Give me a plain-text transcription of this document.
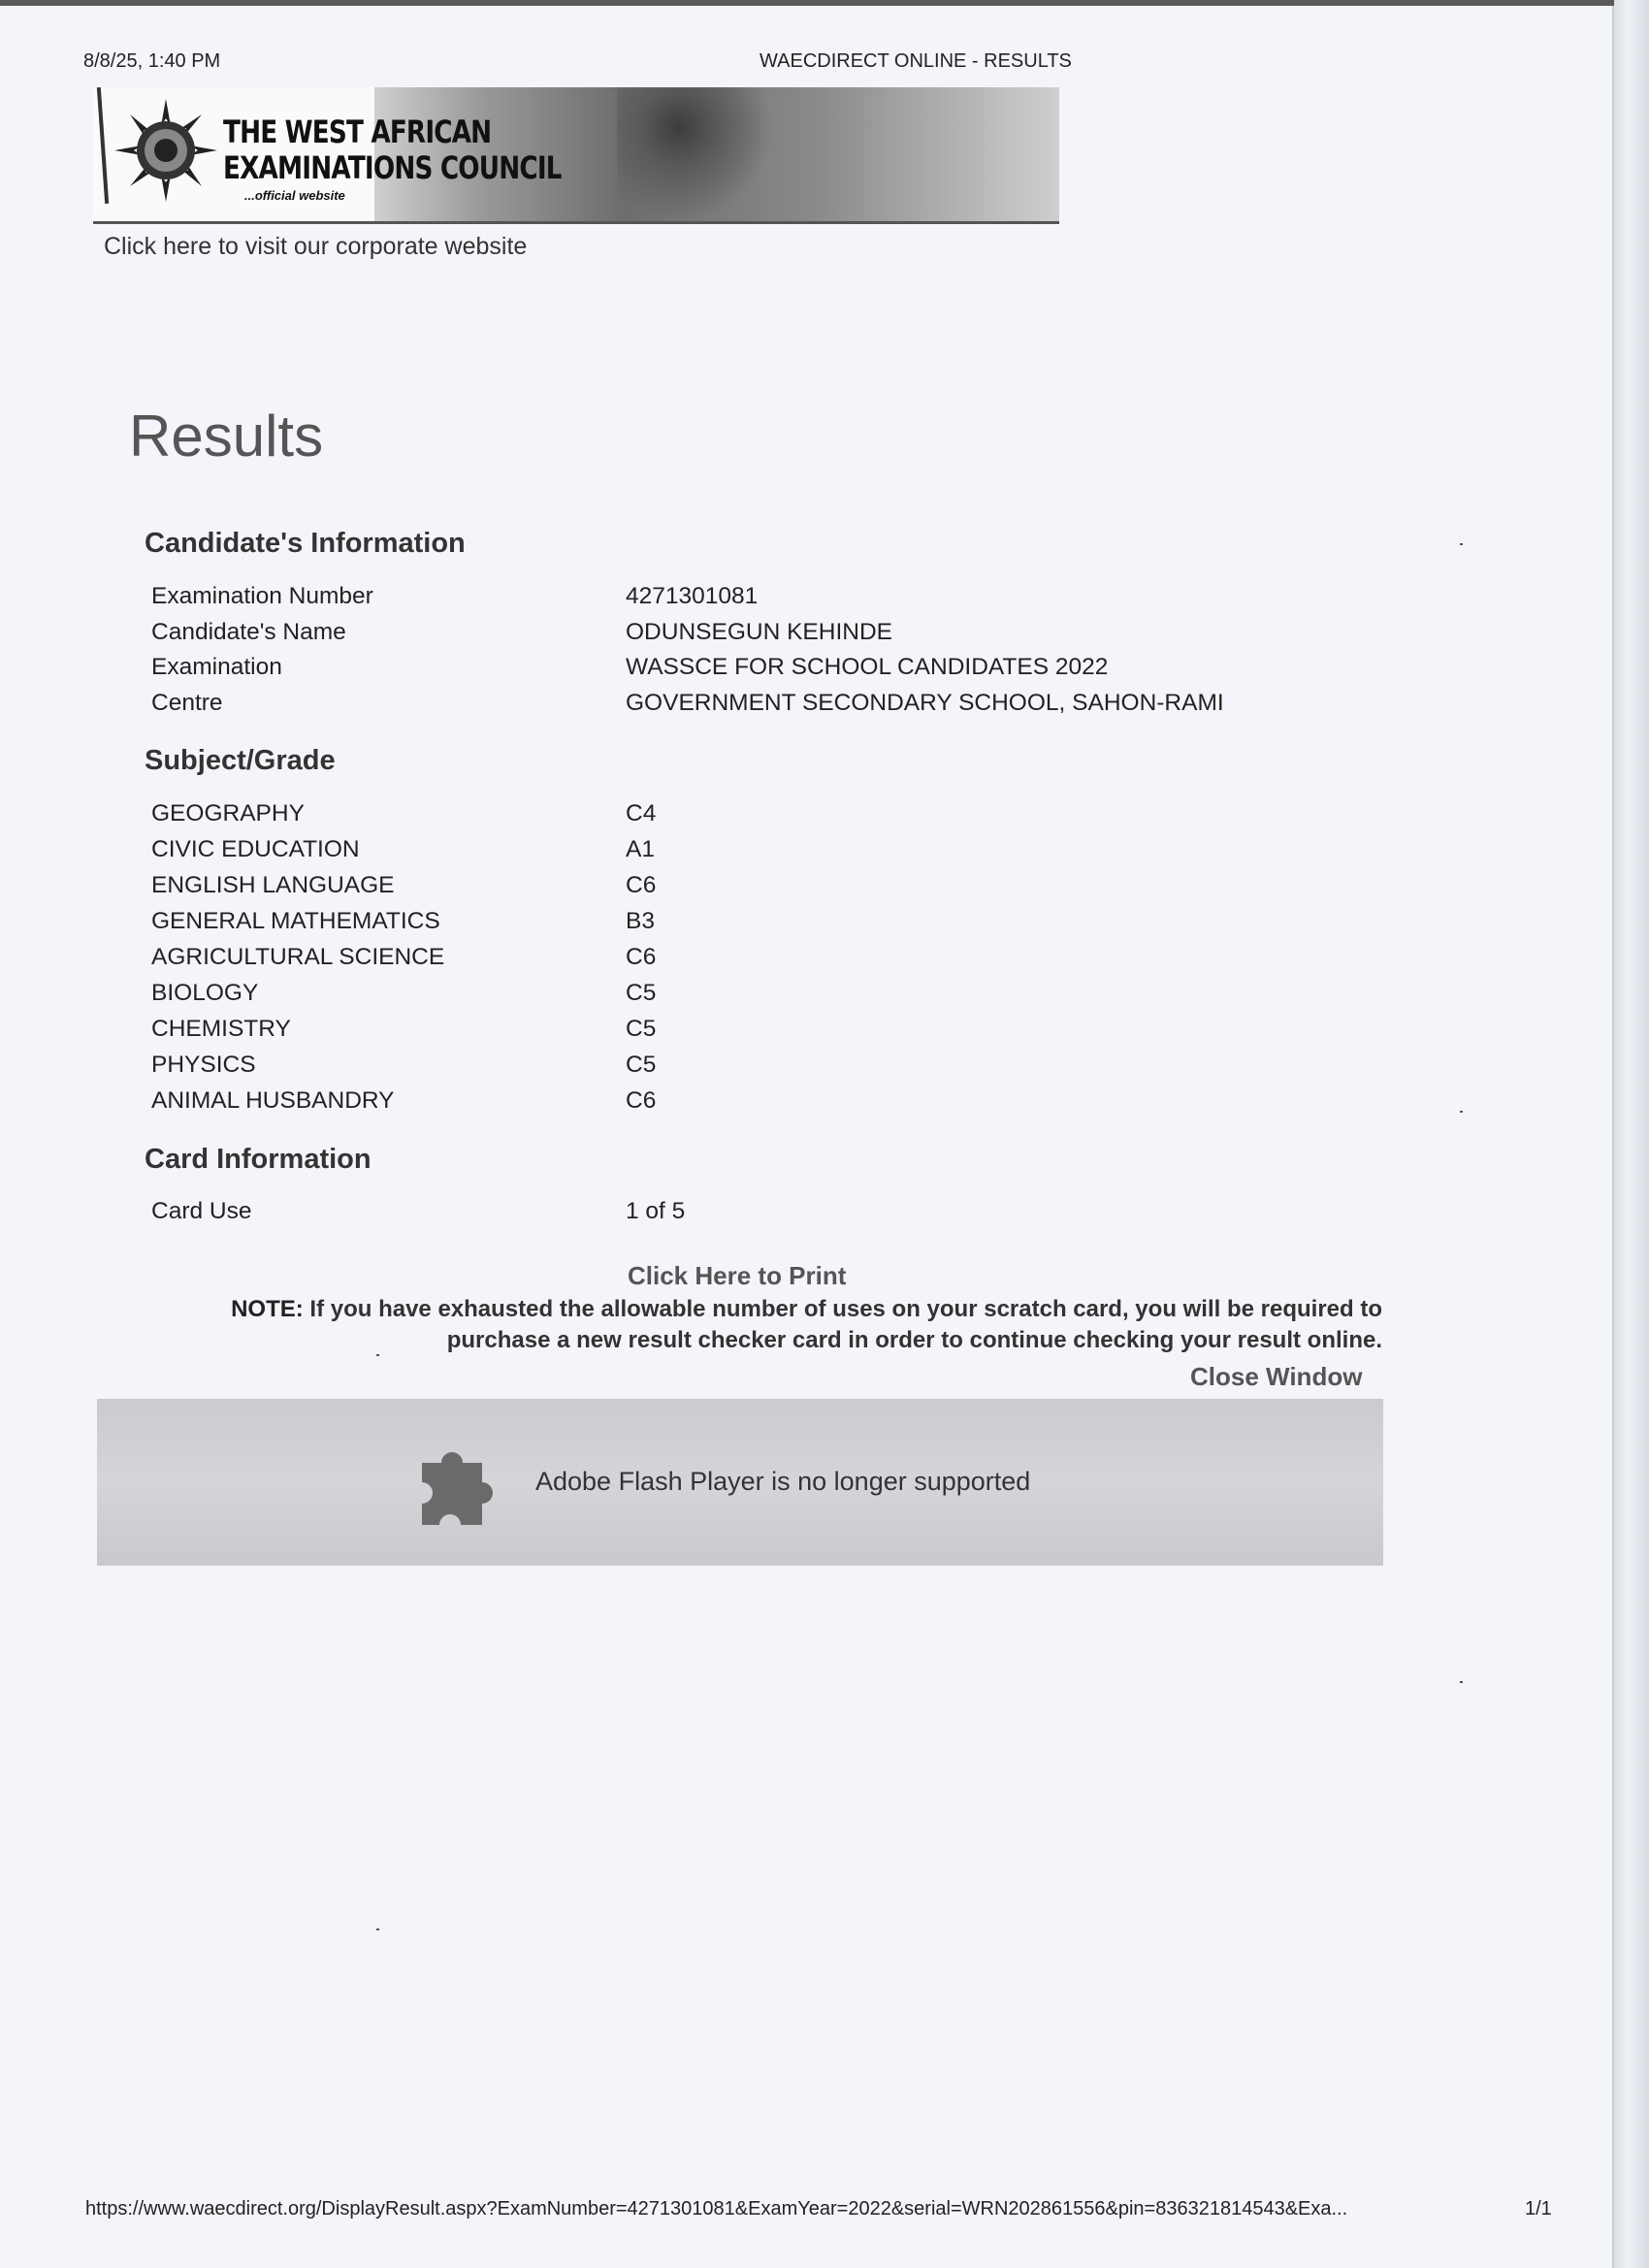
8/8/25, 1:40 PM	WAECDIRECT ONLINE - RESULTS
THE WEST AFRICAN
EXAMINATIONS COUNCIL
...official website
Click here to visit our corporate website
Results
Candidate's Information
Examination Number	4271301081
Candidate's Name	ODUNSEGUN KEHINDE
Examination	WASSCE FOR SCHOOL CANDIDATES 2022
Centre	GOVERNMENT SECONDARY SCHOOL, SAHON-RAMI
Subject/Grade
GEOGRAPHY	C4
CIVIC EDUCATION	A1
ENGLISH LANGUAGE	C6
GENERAL MATHEMATICS	B3
AGRICULTURAL SCIENCE	C6
BIOLOGY	C5
CHEMISTRY	C5
PHYSICS	C5
ANIMAL HUSBANDRY	C6
Card Information
Card Use	1 of 5
Click Here to Print
NOTE: If you have exhausted the allowable number of uses on your scratch card, you will be required to purchase a new result checker card in order to continue checking your result online.
Close Window
Adobe Flash Player is no longer supported
https://www.waecdirect.org/DisplayResult.aspx?ExamNumber=4271301081&ExamYear=2022&serial=WRN202861556&pin=836321814543&Exa...	1/1
